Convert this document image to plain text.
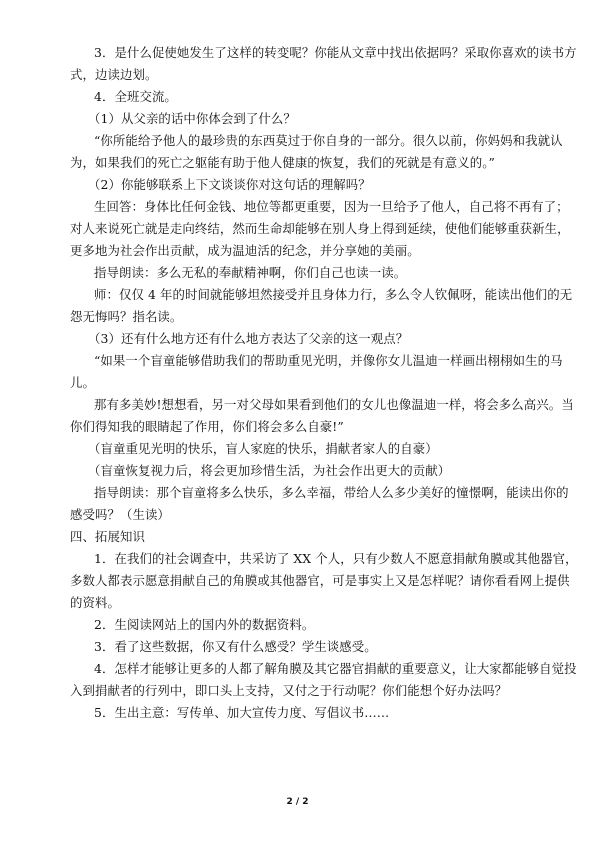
3．是什么促使她发生了这样的转变呢？你能从文章中找出依据吗？采取你喜欢的读书方
式，边读边划。
4．全班交流。
（1）从父亲的话中你体会到了什么？
“你所能给予他人的最珍贵的东西莫过于你自身的一部分。很久以前，你妈妈和我就认
为，如果我们的死亡之躯能有助于他人健康的恢复，我们的死就是有意义的。”
（2）你能够联系上下文谈谈你对这句话的理解吗？
生回答：身体比任何金钱、地位等都更重要，因为一旦给予了他人，自己将不再有了；
对人来说死亡就是走向终结，然而生命却能够在别人身上得到延续，使他们能够重获新生，
更多地为社会作出贡献，成为温迪活的纪念，并分享她的美丽。
指导朗读：多么无私的奉献精神啊，你们自己也读一读。
师：仅仅 4 年的时间就能够坦然接受并且身体力行，多么令人钦佩呀，能读出他们的无
怨无悔吗？指名读。
（3）还有什么地方还有什么地方表达了父亲的这一观点？
“如果一个盲童能够借助我们的帮助重见光明，并像你女儿温迪一样画出栩栩如生的马
儿。
那有多美妙!想想看，另一对父母如果看到他们的女儿也像温迪一样，将会多么高兴。当
你们得知我的眼睛起了作用，你们将会多么自豪!”
（盲童重见光明的快乐，盲人家庭的快乐，捐献者家人的自豪）
（盲童恢复视力后，将会更加珍惜生活，为社会作出更大的贡献）
指导朗读：那个盲童将多么快乐，多么幸福，带给人么多少美好的憧憬啊，能读出你的
感受吗？（生读）
四、拓展知识
1．在我们的社会调查中，共采访了 XX 个人，只有少数人不愿意捐献角膜或其他器官，
多数人都表示愿意捐献自己的角膜或其他器官，可是事实上又是怎样呢？请你看看网上提供
的资料。
2．生阅读网站上的国内外的数据资料。
3．看了这些数据，你又有什么感受？学生谈感受。
4．怎样才能够让更多的人都了解角膜及其它器官捐献的重要意义，让大家都能够自觉投
入到捐献者的行列中，即口头上支持，又付之于行动呢？你们能想个好办法吗？
5．生出主意：写传单、加大宣传力度、写倡议书……
2 / 2
